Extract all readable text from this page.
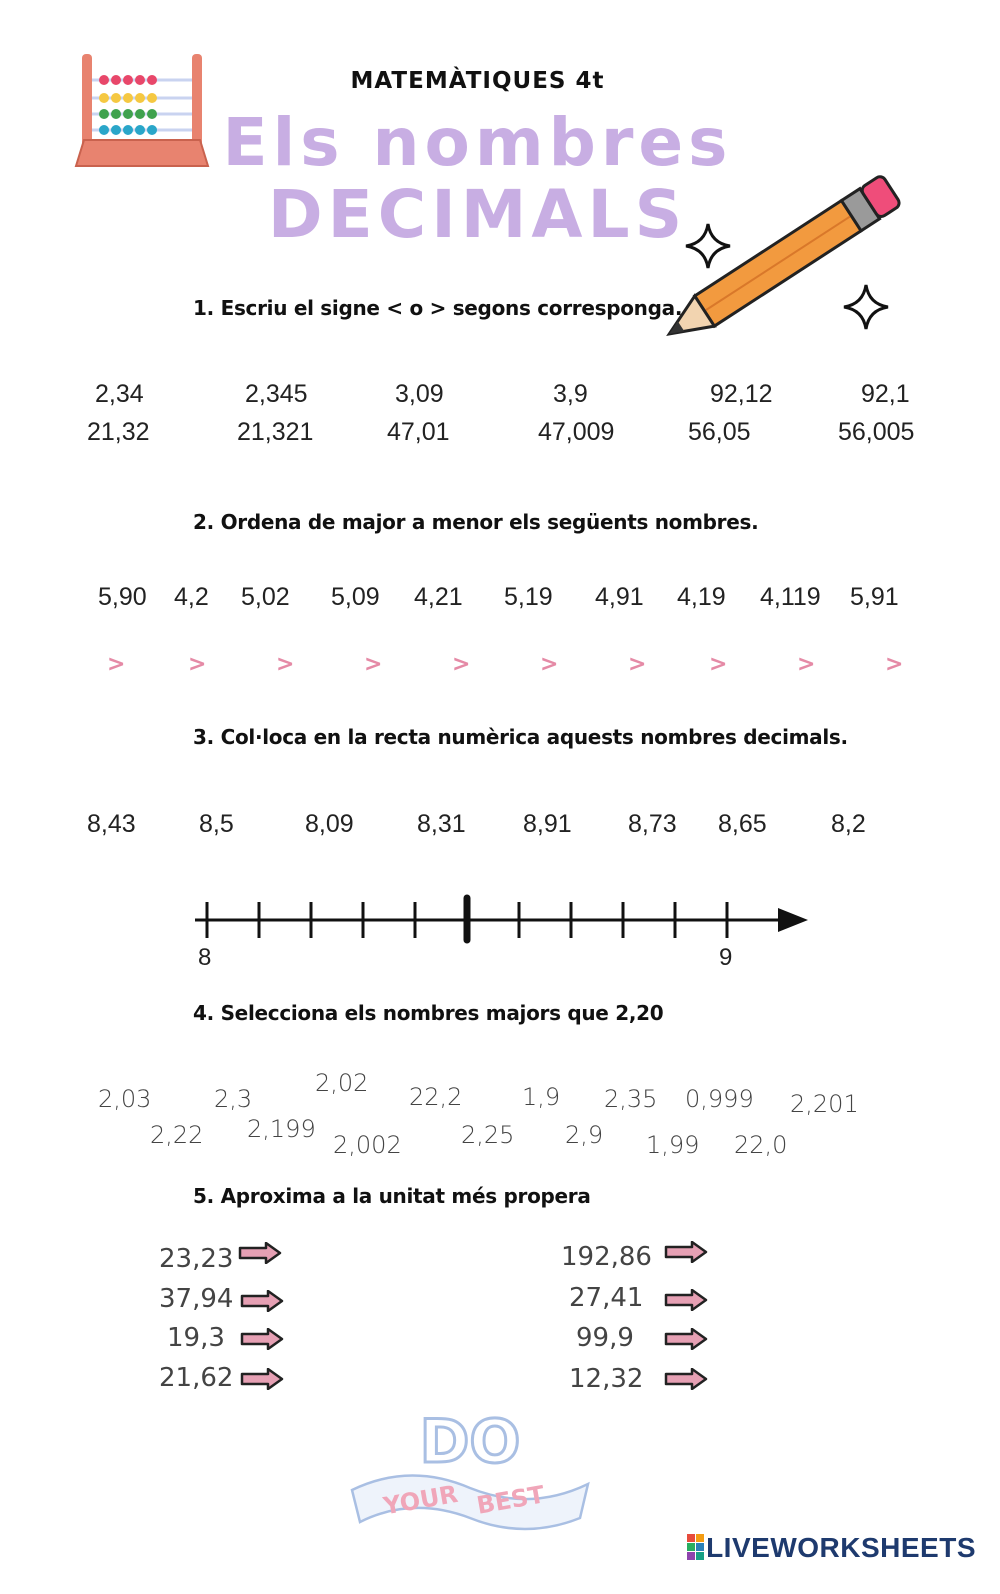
MATEMÀTIQUES 4t
Els nombres
DECIMALS
1. Escriu el signe < o > segons corresponga.
2,34	2,345	3,09	3,9	92,12	92,1
21,32	21,321	47,01	47,009	56,05	56,005
2. Ordena de major a menor els següents nombres.
5,90 4,2 5,02 5,09 4,21 5,19 4,91 4,19 4,119 5,91
>	>	>	>	>	>	>	>	>	>
3. Col·loca en la recta numèrica aquests nombres decimals.
8,43	8,5	8,09	8,31 8,91 8,73 8,65	8,2
8	9
4. Selecciona els nombres majors que 2,20
2,03	2,3
2,02 22,2 1,9 2,35 0,999 2,201
2,22 2,199
2,002 2,25 2,9 1,99 22,0
5. Aproxima a la unitat més propera
23,23
37,94
19,3
21,62
192,86
27,41
99,9
12,32
DO
YOUR BEST
LIVEWORKSHEETS
